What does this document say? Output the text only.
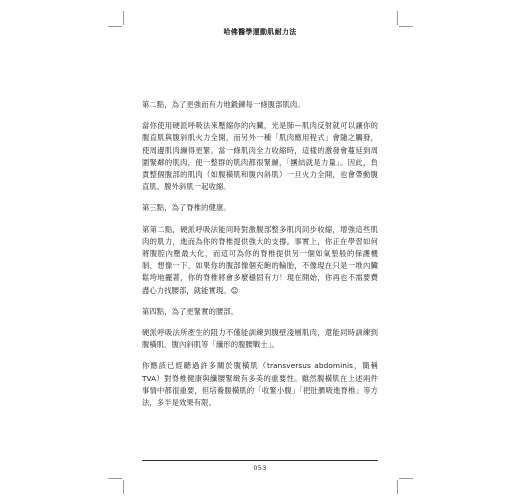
哈佛醫學運動肌耐力法

第二點，為了更強而有力地鍛鍊每一條腹部肌肉。

當你使用硬派呼吸法來壓縮你的內臟，光是肺—肌肉反射就可以讓你的腹直肌與腹斜肌火力全開，而另外一種「肌肉應用程式」會隨之觸發，使周邊肌肉繃得更緊。當一條肌肉全力收縮時，這樣的激發會蔓延到周圍緊鄰的肌肉，使一整群的肌肉都很緊繃，「團結就是力量」。因此，負責整個腹部的肌肉（如腹橫肌和腹內斜肌）一旦火力全開，也會帶動腹直肌、腹外斜肌一起收縮。

第三點，為了脊椎的健康。

第第二點，硬派呼吸法能同時對激腹部整多肌肉同步收縮，增強這些肌肉的肌力，進而為你的脊椎提供強大的支撐。事實上，你正在學習如何將腹腔內壓最大化，而這可為你的脊椎提供另一個如氣墊般的保護機制，想像一下，如果你的腹部像個充飽的輪胎，不像現在只是一堆內臟鬆垮地擺著，你的脊椎將會多麼穩固有力！現在開始，你再也不需要費盡心力找腰部，就能實現。😊

第四點，為了更緊實的腰部。

硬派呼吸法所產生的阻力不僅能訓練到腹壁淺層肌肉，還能同時訓練到腹橫肌、腹內斜肌等「纖形的腹腰戰士」。

你應該已經聽過許多關於腹橫肌（transversus abdominis，簡稱TVA）對脊椎健康與纖腰緊緻有多美的重要性。雖然腹橫肌在上述兩件事情中都很重要，但培養腹橫肌的「收緊小腹」「把肚臍吸進脊椎」等方法，多半是效果有限。

053
